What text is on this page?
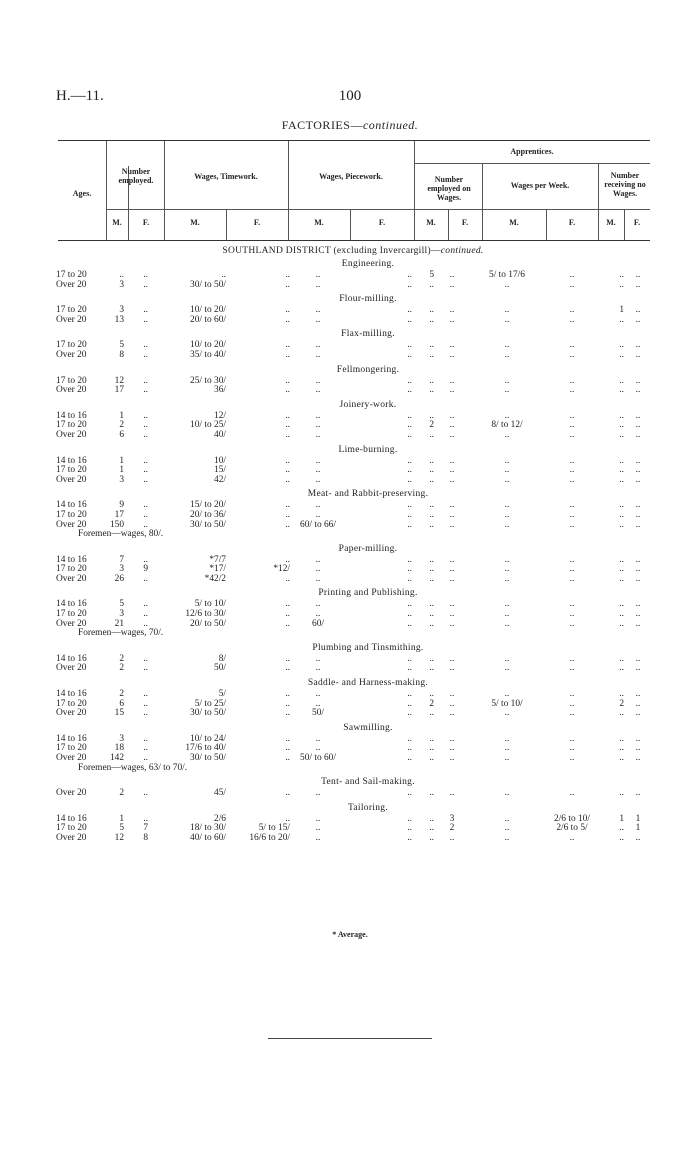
H.—11.	100
FACTORIES—continued.
Ages.
Number employed.	Wages, Timework.	Wages, Piecework.
Apprentices.
Number employed on Wages.
Wages per Week.
Number receiving no Wages.
M.	F.	M.	F.	M.	F.	M.	F.	M.	F.	M.	F.
SOUTHLAND DISTRICT (excluding Invercargill)—continued.
Engineering.
17 to 20	..	..	..	..	..	..	5	..	5/ to 17/6	..	..	..
Over 20	3	..	30/ to 50/	..	..	..	..	..	..	..	..	..
Flour-milling.
17 to 20	3	..	10/ to 20/	..	..	..	..	..	..	..	1	..
Over 20	13	..	20/ to 60/	..	..	..	..	..	..	..	..	..
Flax-milling.
17 to 20	5	..	10/ to 20/	..	..	..	..	..	..	..	..	..
Over 20	8	..	35/ to 40/	..	..	..	..	..	..	..	..	..
Fellmongering.
17 to 20	12	..	25/ to 30/	..	..	..	..	..	..	..	..	..
Over 20	17	..	36/	..	..	..	..	..	..	..	..	..
Joinery-work.
14 to 16	1	..	12/	..	..	..	..	..	..	..	..	..
17 to 20	2	..	10/ to 25/	..	..	..	2	..	8/ to 12/	..	..	..
Over 20	6	..	40/	..	..	..	..	..	..	..	..	..
Lime-burning.
14 to 16	1	..	10/	..	..	..	..	..	..	..	..	..
17 to 20	1	..	15/	..	..	..	..	..	..	..	..	..
Over 20	3	..	42/	..	..	..	..	..	..	..	..	..
Meat- and Rabbit-preserving.
14 to 16	9	..	15/ to 20/	..	..	..	..	..	..	..	..	..
17 to 20	17	..	20/ to 36/	..	..	..	..	..	..	..	..	..
Over 20	150	..	30/ to 50/	..	60/ to 66/	..	..	..	..	..	..	..
Foremen—wages, 80/.
Paper-milling.
14 to 16	7	..	*7/7	..	..	..	..	..	..	..	..	..
17 to 20	3	9	*17/	*12/	..	..	..	..	..	..	..	..
Over 20	26	..	*42/2	..	..	..	..	..	..	..	..	..
Printing and Publishing.
14 to 16	5	..	5/ to 10/	..	..	..	..	..	..	..	..	..
17 to 20	3	..	12/6 to 30/	..	..	..	..	..	..	..	..	..
Over 20	21	..	20/ to 50/	..	60/	..	..	..	..	..	..	..
Foremen—wages, 70/.
Plumbing and Tinsmithing.
14 to 16	2	..	8/	..	..	..	..	..	..	..	..	..
Over 20	2	..	50/	..	..	..	..	..	..	..	..	..
Saddle- and Harness-making.
14 to 16	2	..	5/	..	..	..	..	..	..	..	..	..
17 to 20	6	..	5/ to 25/	..	..	..	2	..	5/ to 10/	..	2	..
Over 20	15	..	30/ to 50/	..	50/	..	..	..	..	..	..	..
Sawmilling.
14 to 16	3	..	10/ to 24/	..	..	..	..	..	..	..	..	..
17 to 20	18	..	17/6 to 40/	..	..	..	..	..	..	..	..	..
Over 20	142	..	30/ to 50/	..	50/ to 60/	..	..	..	..	..	..	..
Foremen—wages, 63/ to 70/.
Tent- and Sail-making.
Over 20	2	..	45/	..	..	..	..	..	..	..	..	..
Tailoring.
14 to 16	1	..	2/6	..	..	..	..	3	..	2/6 to 10/	1	1
17 to 20	5	7	18/ to 30/	5/ to 15/	..	..	..	2	..	2/6 to 5/	..	1
Over 20	12	8	40/ to 60/	16/6 to 20/	..	..	..	..	..	..	..	..
* Average.
